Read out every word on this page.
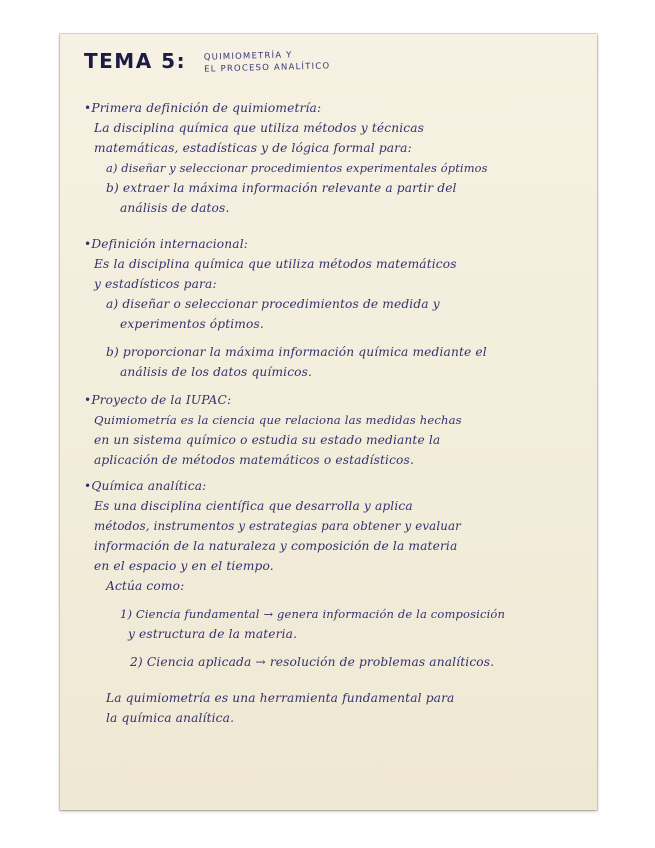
TEMA 5: QUIMIOMETRÍA Y
EL PROCESO ANALÍTICO
•Primera definición de quimiometría:
La disciplina química que utiliza métodos y técnicas
matemáticas, estadísticas y de lógica formal para:
a) diseñar y seleccionar procedimientos experimentales óptimos
b) extraer la máxima información relevante a partir del
análisis de datos.
•Definición internacional:
Es la disciplina química que utiliza métodos matemáticos
y estadísticos para:
a) diseñar o seleccionar procedimientos de medida y
experimentos óptimos.
b) proporcionar la máxima información química mediante el
análisis de los datos químicos.
•Proyecto de la IUPAC:
Quimiometría es la ciencia que relaciona las medidas hechas
en un sistema químico o estudia su estado mediante la
aplicación de métodos matemáticos o estadísticos.
•Química analítica:
Es una disciplina científica que desarrolla y aplica
métodos, instrumentos y estrategias para obtener y evaluar
información de la naturaleza y composición de la materia
en el espacio y en el tiempo.
Actúa como:
1) Ciencia fundamental → genera información de la composición
y estructura de la materia.
2) Ciencia aplicada → resolución de problemas analíticos.
La quimiometría es una herramienta fundamental para
la química analítica.
